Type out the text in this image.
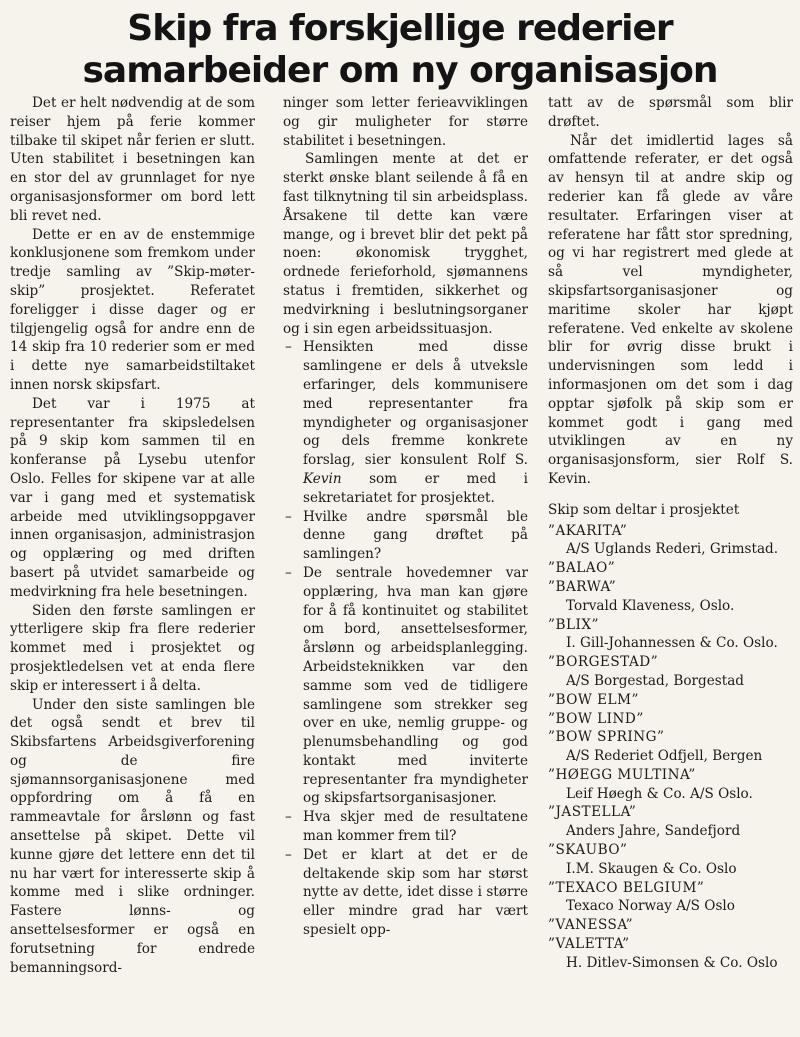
Skip fra forskjellige rederier
samarbeider om ny organisasjon

Det er helt nødvendig at de som reiser hjem på ferie kommer tilbake til skipet når ferien er slutt. Uten stabilitet i besetningen kan en stor del av grunnlaget for nye organisasjonsformer om bord lett bli revet ned.

Dette er en av de enstemmige konklusjonene som fremkom under tredje samling av ”Skip-møter-skip” prosjektet. Referatet foreligger i disse dager og er tilgjengelig også for andre enn de 14 skip fra 10 rederier som er med i dette nye samarbeidstiltaket innen norsk skipsfart.

Det var i 1975 at representanter fra skipsledelsen på 9 skip kom sammen til en konferanse på Lysebu utenfor Oslo. Felles for skipene var at alle var i gang med et systematisk arbeide med utviklingsoppgaver innen organisasjon, administrasjon og opplæring og med driften basert på utvidet samarbeide og medvirkning fra hele besetningen.

Siden den første samlingen er ytterligere skip fra flere rederier kommet med i prosjektet og prosjektledelsen vet at enda flere skip er interessert i å delta.

Under den siste samlingen ble det også sendt et brev til Skibsfartens Arbeidsgiverforening og de fire sjømannsorganisasjonene med oppfordring om å få en rammeavtale for årslønn og fast ansettelse på skipet. Dette vil kunne gjøre det lettere enn det til nu har vært for interesserte skip å komme med i slike ordninger. Fastere lønns- og ansettelsesformer er også en forutsetning for endrede bemanningsord-

ninger som letter ferieavviklingen og gir muligheter for større stabilitet i besetningen.

Samlingen mente at det er sterkt ønske blant seilende å få en fast tilknytning til sin arbeidsplass. Årsakene til dette kan være mange, og i brevet blir det pekt på noen: økonomisk trygghet, ordnede ferieforhold, sjømannens status i fremtiden, sikkerhet og medvirkning i beslutningsorganer og i sin egen arbeidssituasjon.

– Hensikten med disse samlingene er dels å utveksle erfaringer, dels kommunisere med representanter fra myndigheter og organisasjoner og dels fremme konkrete forslag, sier konsulent Rolf S. Kevin som er med i sekretariatet for prosjektet.
– Hvilke andre spørsmål ble denne gang drøftet på samlingen?
– De sentrale hovedemner var opplæring, hva man kan gjøre for å få kontinuitet og stabilitet om bord, ansettelsesformer, årslønn og arbeidsplanlegging. Arbeidsteknikken var den samme som ved de tidligere samlingene som strekker seg over en uke, nemlig gruppe- og plenumsbehandling og god kontakt med inviterte representanter fra myndigheter og skipsfartsorganisasjoner.
– Hva skjer med de resultatene man kommer frem til?
– Det er klart at det er de deltakende skip som har størst nytte av dette, idet disse i større eller mindre grad har vært spesielt opp-

tatt av de spørsmål som blir drøftet.

Når det imidlertid lages så omfattende referater, er det også av hensyn til at andre skip og rederier kan få glede av våre resultater. Erfaringen viser at referatene har fått stor spredning, og vi har registrert med glede at så vel myndigheter, skipsfartsorganisasjoner og maritime skoler har kjøpt referatene. Ved enkelte av skolene blir for øvrig disse brukt i undervisningen som ledd i informasjonen om det som i dag opptar sjøfolk på skip som er kommet godt i gang med utviklingen av en ny organisasjonsform, sier Rolf S. Kevin.

Skip som deltar i prosjektet
”AKARITA”
A/S Uglands Rederi, Grimstad.
”BALAO”
”BARWA”
Torvald Klaveness, Oslo.
”BLIX”
I. Gill-Johannessen & Co. Oslo.
”BORGESTAD”
A/S Borgestad, Borgestad
”BOW ELM”
”BOW LIND”
”BOW SPRING”
A/S Rederiet Odfjell, Bergen
”HØEGG MULTINA”
Leif Høegh & Co. A/S Oslo.
”JASTELLA”
Anders Jahre, Sandefjord
”SKAUBO”
I.M. Skaugen & Co. Oslo
”TEXACO BELGIUM”
Texaco Norway A/S Oslo
”VANESSA”
”VALETTA”
H. Ditlev-Simonsen & Co. Oslo
